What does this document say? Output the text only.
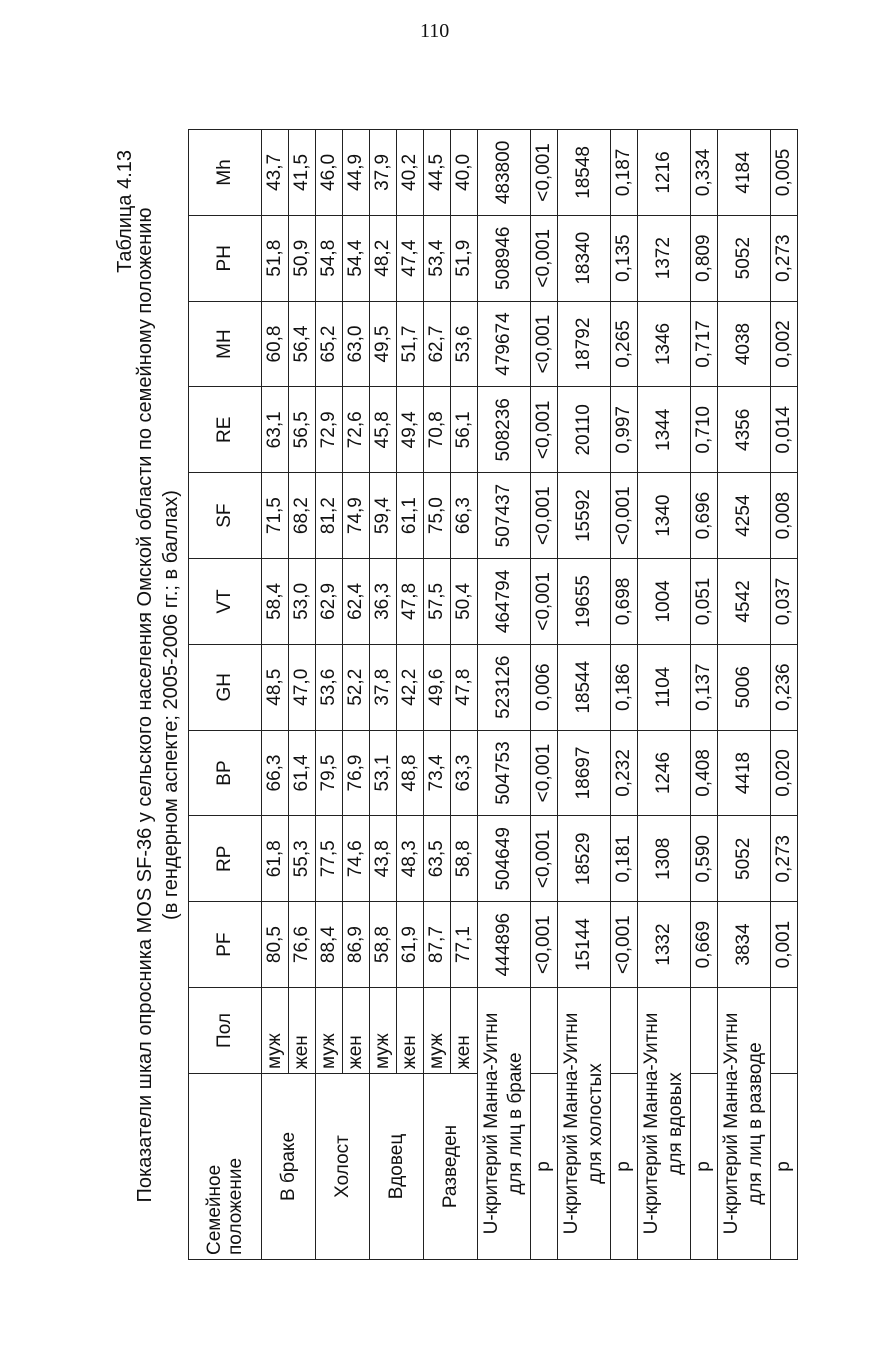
110
Таблица 4.13
Показатели шкал опросника MOS SF-36 у сельского населения Омской области по семейному положению (в гендерном аспекте; 2005-2006 гг.; в баллах)
Семейное положение	Пол	PF	RP	BP	GH	VT	SF	RE	MH	PH	Mh
В браке	муж	80,5	61,8	66,3	48,5	58,4	71,5	63,1	60,8	51,8	43,7
	жен	76,6	55,3	61,4	47,0	53,0	68,2	56,5	56,4	50,9	41,5
Холост	муж	88,4	77,5	79,5	53,6	62,9	81,2	72,9	65,2	54,8	46,0
	жен	86,9	74,6	76,9	52,2	62,4	74,9	72,6	63,0	54,4	44,9
Вдовец	муж	58,8	43,8	53,1	37,8	36,3	59,4	45,8	49,5	48,2	37,9
	жен	61,9	48,3	48,8	42,2	47,8	61,1	49,4	51,7	47,4	40,2
Разведен	муж	87,7	63,5	73,4	49,6	57,5	75,0	70,8	62,7	53,4	44,5
	жен	77,1	58,8	63,3	47,8	50,4	66,3	56,1	53,6	51,9	40,0

U-критерий Манна-Уитни для лиц в браке		444896	504649	504753	523126	464794	507437	508236	479674	508946	483800
p		<0,001	<0,001	<0,001	0,006	<0,001	<0,001	<0,001	<0,001	<0,001	<0,001

U-критерий Манна-Уитни для холостых		15144	18529	18697	18544	19655	15592	20110	18792	18340	18548
p		<0,001	0,181	0,232	0,186	0,698	<0,001	0,997	0,265	0,135	0,187

U-критерий Манна-Уитни для вдовых		1332	1308	1246	1104	1004	1340	1344	1346	1372	1216
p		0,669	0,590	0,408	0,137	0,051	0,696	0,710	0,717	0,809	0,334

U-критерий Манна-Уитни для лиц в разводе		3834	5052	4418	5006	4542	4254	4356	4038	5052	4184
p		0,001	0,273	0,020	0,236	0,037	0,008	0,014	0,002	0,273	0,005
